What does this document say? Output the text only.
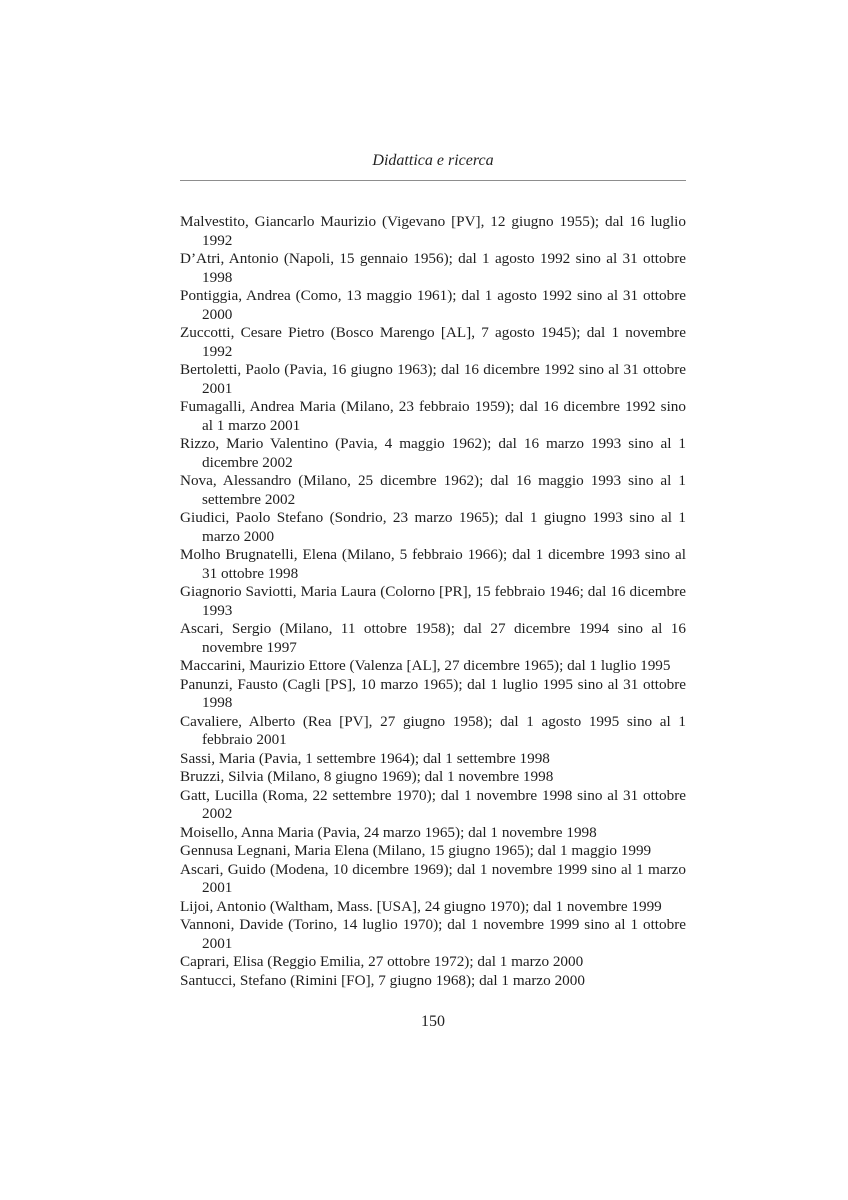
Didattica e ricerca

Malvestito, Giancarlo Maurizio (Vigevano [PV], 12 giugno 1955); dal 16 luglio 1992

D’Atri, Antonio (Napoli, 15 gennaio 1956); dal 1 agosto 1992 sino al 31 ottobre 1998

Pontiggia, Andrea (Como, 13 maggio 1961); dal 1 agosto 1992 sino al 31 ottobre 2000

Zuccotti, Cesare Pietro (Bosco Marengo [AL], 7 agosto 1945); dal 1 novembre 1992

Bertoletti, Paolo (Pavia, 16 giugno 1963); dal 16 dicembre 1992 sino al 31 ottobre 2001

Fumagalli, Andrea Maria (Milano, 23 febbraio 1959); dal 16 dicembre 1992 sino al 1 marzo 2001

Rizzo, Mario Valentino (Pavia, 4 maggio 1962); dal 16 marzo 1993 sino al 1 dicembre 2002

Nova, Alessandro (Milano, 25 dicembre 1962); dal 16 maggio 1993 sino al 1 settembre 2002

Giudici, Paolo Stefano (Sondrio, 23 marzo 1965); dal 1 giugno 1993 sino al 1 marzo 2000

Molho Brugnatelli, Elena (Milano, 5 febbraio 1966); dal 1 dicembre 1993 sino al 31 ottobre 1998

Giagnorio Saviotti, Maria Laura (Colorno [PR], 15 febbraio 1946; dal 16 dicembre 1993

Ascari, Sergio (Milano, 11 ottobre 1958); dal 27 dicembre 1994 sino al 16 novembre 1997

Maccarini, Maurizio Ettore (Valenza [AL], 27 dicembre 1965); dal 1 luglio 1995

Panunzi, Fausto (Cagli [PS], 10 marzo 1965); dal 1 luglio 1995 sino al 31 ottobre 1998

Cavaliere, Alberto (Rea [PV], 27 giugno 1958); dal 1 agosto 1995 sino al 1 febbraio 2001

Sassi, Maria (Pavia, 1 settembre 1964); dal 1 settembre 1998

Bruzzi, Silvia (Milano, 8 giugno 1969); dal 1 novembre 1998

Gatt, Lucilla (Roma, 22 settembre 1970); dal 1 novembre 1998 sino al 31 ottobre 2002

Moisello, Anna Maria (Pavia, 24 marzo 1965); dal 1 novembre 1998

Gennusa Legnani, Maria Elena (Milano, 15 giugno 1965); dal 1 maggio 1999

Ascari, Guido (Modena, 10 dicembre 1969); dal 1 novembre 1999 sino al 1 marzo 2001

Lijoi, Antonio (Waltham, Mass. [USA], 24 giugno 1970); dal 1 novembre 1999

Vannoni, Davide (Torino, 14 luglio 1970); dal 1 novembre 1999 sino al 1 ottobre 2001

Caprari, Elisa (Reggio Emilia, 27 ottobre 1972); dal 1 marzo 2000

Santucci, Stefano (Rimini [FO], 7 giugno 1968); dal 1 marzo 2000

150
